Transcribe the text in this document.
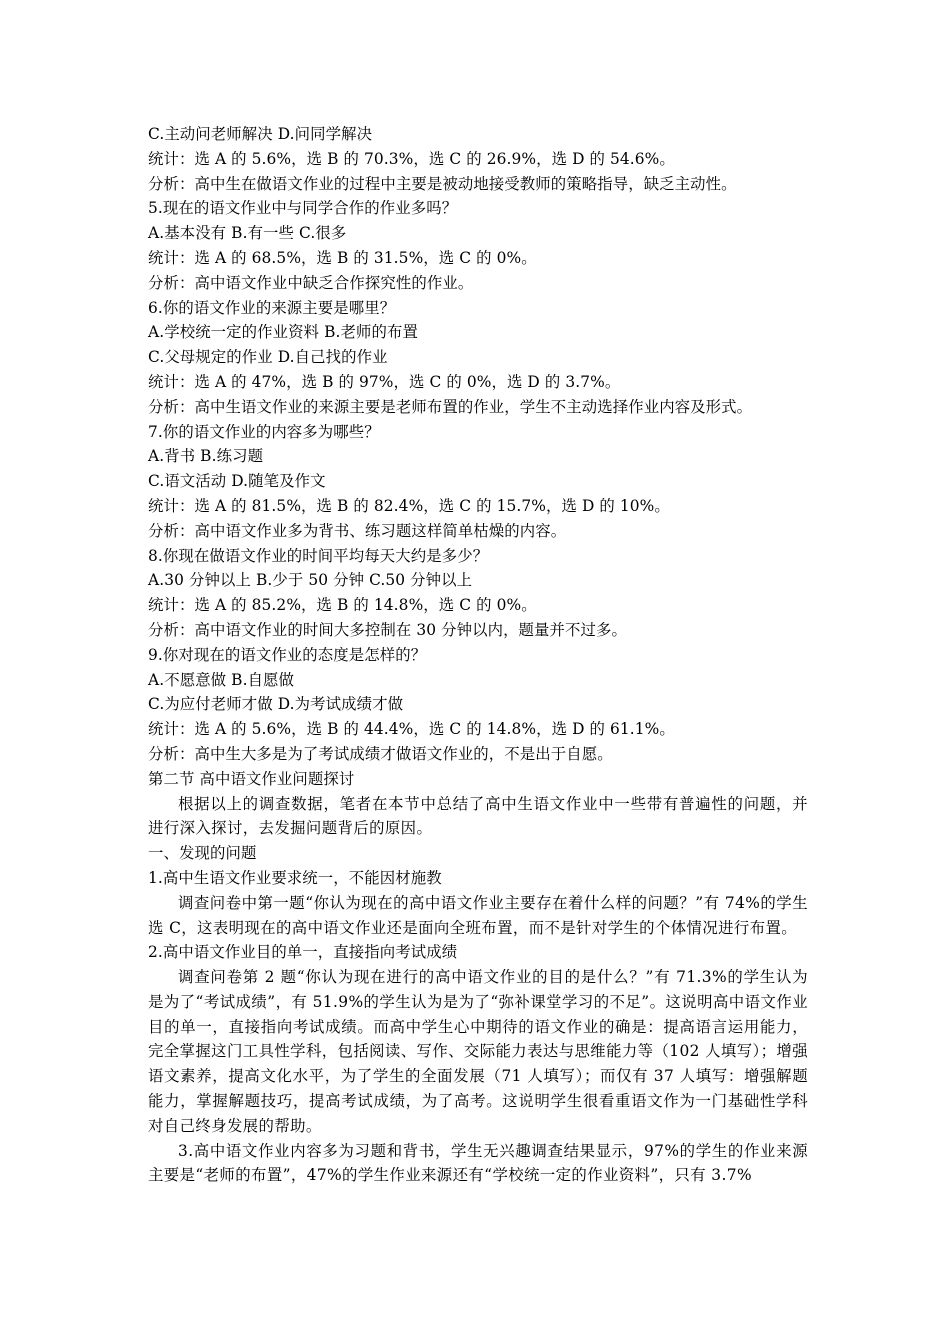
C.主动问老师解决 D.问同学解决
统计：选 A 的 5.6%，选 B 的 70.3%，选 C 的 26.9%，选 D 的 54.6%。
分析：高中生在做语文作业的过程中主要是被动地接受教师的策略指导，缺乏主动性。
5.现在的语文作业中与同学合作的作业多吗？
A.基本没有 B.有一些 C.很多
统计：选 A 的 68.5%，选 B 的 31.5%，选 C 的 0%。
分析：高中语文作业中缺乏合作探究性的作业。
6.你的语文作业的来源主要是哪里？
A.学校统一定的作业资料 B.老师的布置
C.父母规定的作业 D.自己找的作业
统计：选 A 的 47%，选 B 的 97%，选 C 的 0%，选 D 的 3.7%。
分析：高中生语文作业的来源主要是老师布置的作业，学生不主动选择作业内容及形式。
7.你的语文作业的内容多为哪些？
A.背书 B.练习题
C.语文活动 D.随笔及作文
统计：选 A 的 81.5%，选 B 的 82.4%，选 C 的 15.7%，选 D 的 10%。
分析：高中语文作业多为背书、练习题这样简单枯燥的内容。
8.你现在做语文作业的时间平均每天大约是多少？
A.30 分钟以上 B.少于 50 分钟 C.50 分钟以上
统计：选 A 的 85.2%，选 B 的 14.8%，选 C 的 0%。
分析：高中语文作业的时间大多控制在 30 分钟以内，题量并不过多。
9.你对现在的语文作业的态度是怎样的？
A.不愿意做 B.自愿做
C.为应付老师才做 D.为考试成绩才做
统计：选 A 的 5.6%，选 B 的 44.4%，选 C 的 14.8%，选 D 的 61.1%。
分析：高中生大多是为了考试成绩才做语文作业的，不是出于自愿。
第二节 高中语文作业问题探讨
根据以上的调查数据，笔者在本节中总结了高中生语文作业中一些带有普遍性的问题，并进行深入探讨，去发掘问题背后的原因。
一、发现的问题
1.高中生语文作业要求统一，不能因材施教
调查问卷中第一题“你认为现在的高中语文作业主要存在着什么样的问题？”有 74%的学生选 C，这表明现在的高中语文作业还是面向全班布置，而不是针对学生的个体情况进行布置。
2.高中语文作业目的单一，直接指向考试成绩
调查问卷第 2 题“你认为现在进行的高中语文作业的目的是什么？”有 71.3%的学生认为是为了“考试成绩”，有 51.9%的学生认为是为了“弥补课堂学习的不足”。这说明高中语文作业目的单一，直接指向考试成绩。而高中学生心中期待的语文作业的确是：提高语言运用能力，完全掌握这门工具性学科，包括阅读、写作、交际能力表达与思维能力等（102 人填写）；增强语文素养，提高文化水平，为了学生的全面发展（71 人填写）；而仅有 37 人填写：增强解题能力，掌握解题技巧，提高考试成绩，为了高考。这说明学生很看重语文作为一门基础性学科对自己终身发展的帮助。
3.高中语文作业内容多为习题和背书，学生无兴趣调查结果显示，97%的学生的作业来源主要是“老师的布置”，47%的学生作业来源还有“学校统一定的作业资料”，只有 3.7%
